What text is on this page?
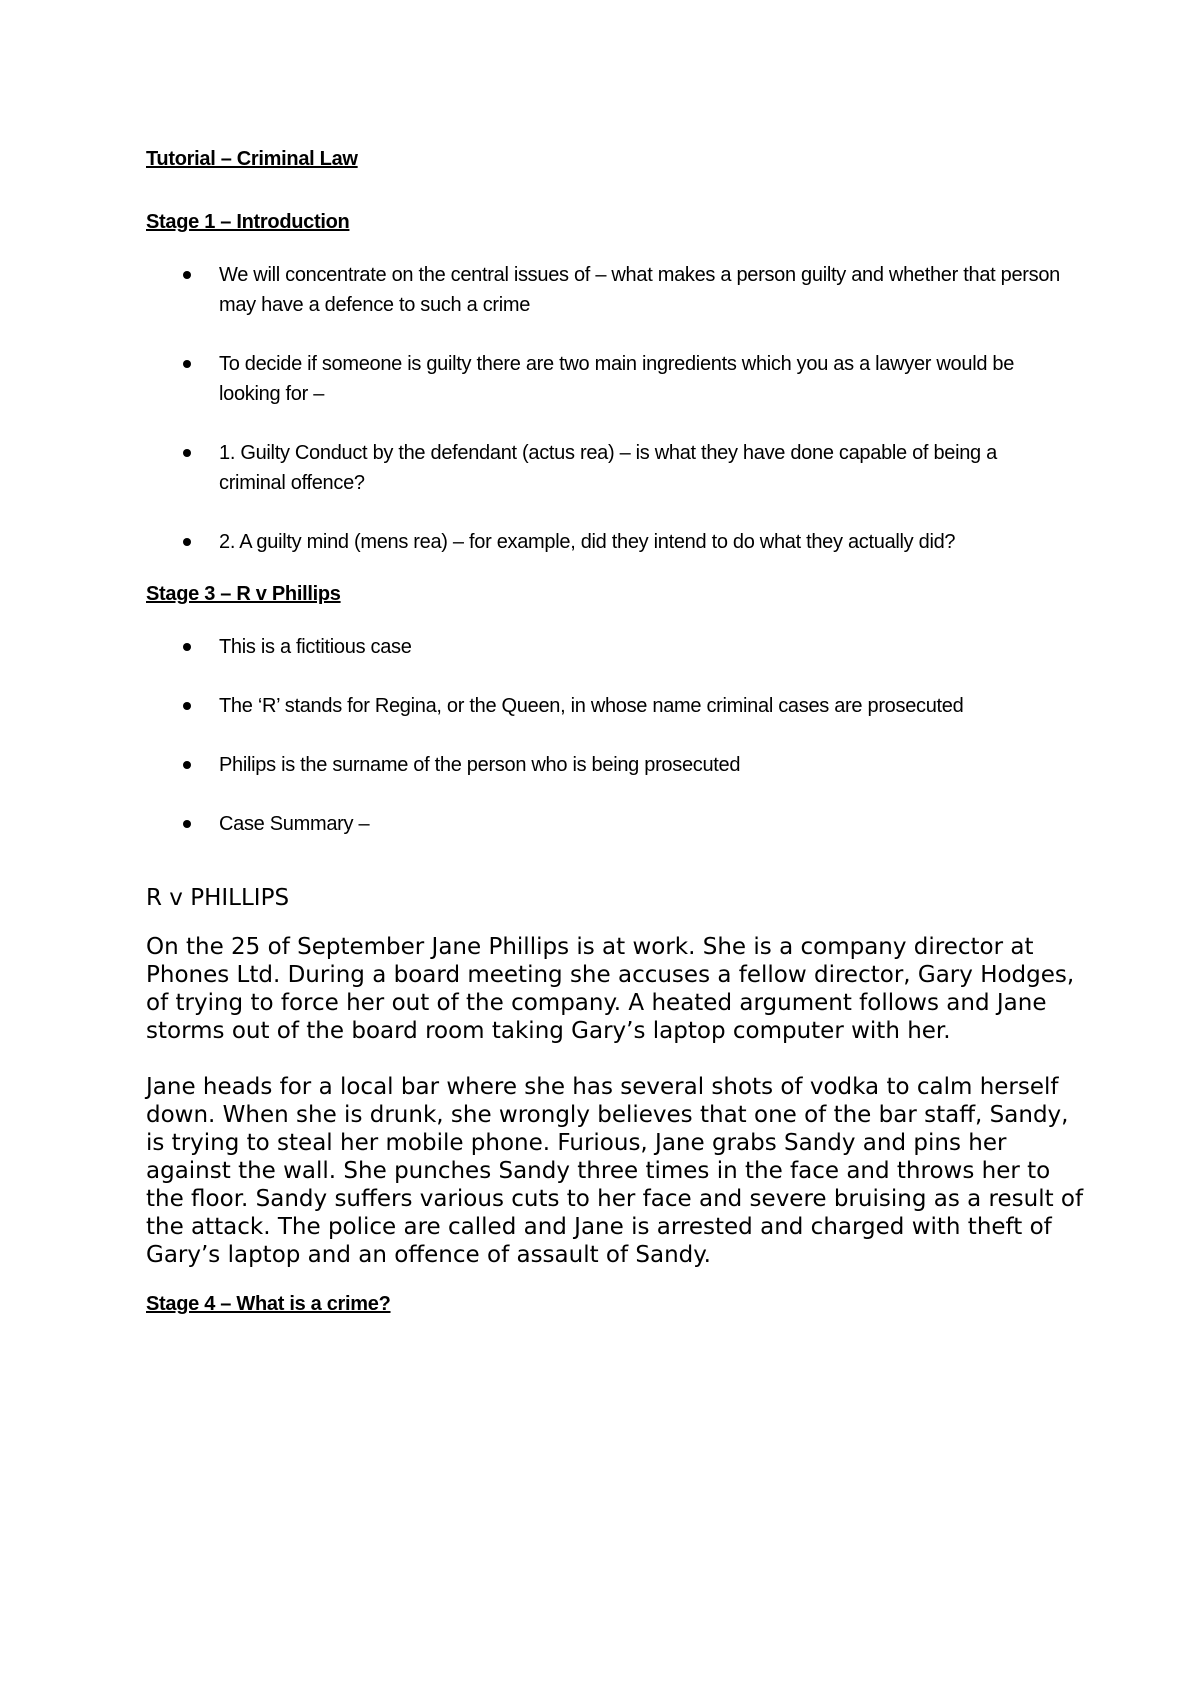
Tutorial – Criminal Law

Stage 1 – Introduction

We will concentrate on the central issues of – what makes a person guilty and whether that person may have a defence to such a crime
To decide if someone is guilty there are two main ingredients which you as a lawyer would be looking for –
1. Guilty Conduct by the defendant (actus rea) – is what they have done capable of being a criminal offence?
2. A guilty mind (mens rea) – for example, did they intend to do what they actually did?

Stage 3 – R v Phillips

This is a fictitious case
The ‘R’ stands for Regina, or the Queen, in whose name criminal cases are prosecuted
Philips is the surname of the person who is being prosecuted
Case Summary –

R v PHILLIPS

On the 25 of September Jane Phillips is at work. She is a company director at Phones Ltd. During a board meeting she accuses a fellow director, Gary Hodges, of trying to force her out of the company. A heated argument follows and Jane storms out of the board room taking Gary’s laptop computer with her.

Jane heads for a local bar where she has several shots of vodka to calm herself down. When she is drunk, she wrongly believes that one of the bar staff, Sandy, is trying to steal her mobile phone. Furious, Jane grabs Sandy and pins her against the wall. She punches Sandy three times in the face and throws her to the floor. Sandy suffers various cuts to her face and severe bruising as a result of the attack. The police are called and Jane is arrested and charged with theft of Gary’s laptop and an offence of assault of Sandy.

Stage 4 – What is a crime?
